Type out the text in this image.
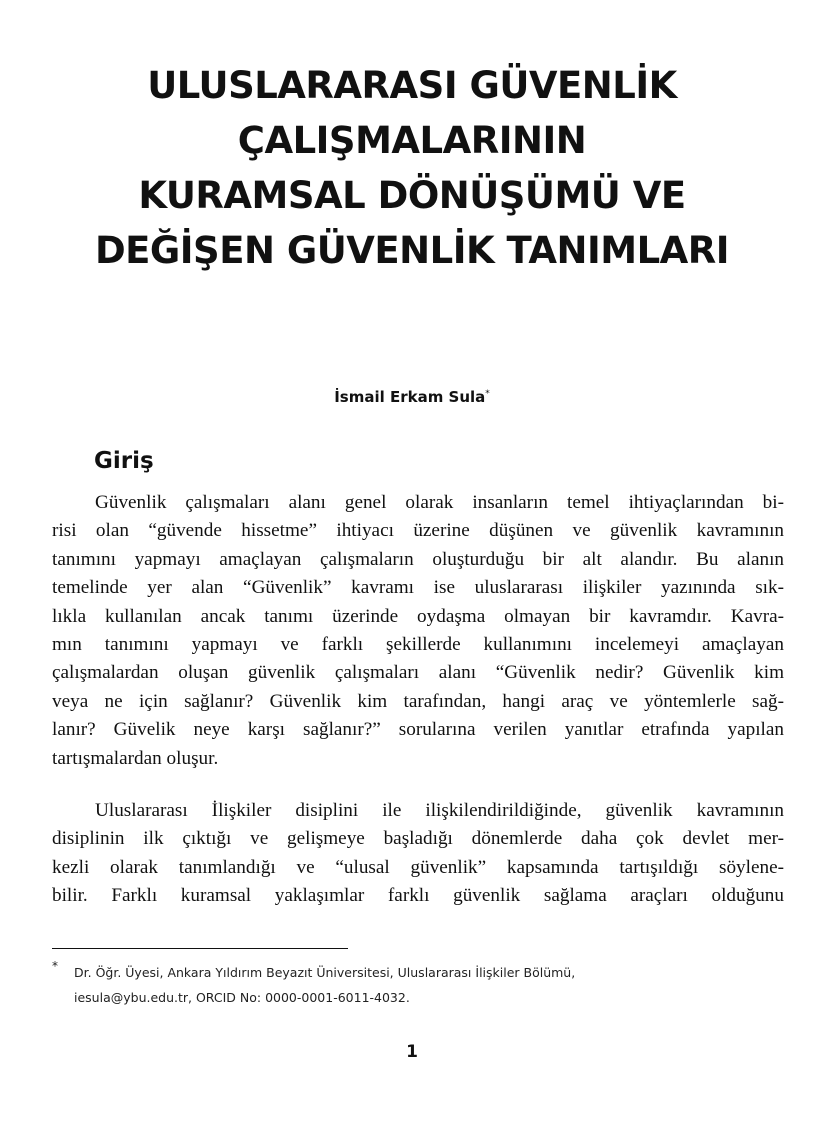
ULUSLARARASI GÜVENLİK
ÇALIŞMALARININ
KURAMSAL DÖNÜŞÜMÜ VE
DEĞİŞEN GÜVENLİK TANIMLARI
İsmail Erkam Sula*
Giriş
Güvenlik çalışmaları alanı genel olarak insanların temel ihtiyaçlarından bi-
risi olan “güvende hissetme” ihtiyacı üzerine düşünen ve güvenlik kavramının
tanımını yapmayı amaçlayan çalışmaların oluşturduğu bir alt alandır. Bu alanın
temelinde yer alan “Güvenlik” kavramı ise uluslararası ilişkiler yazınında sık-
lıkla kullanılan ancak tanımı üzerinde oydaşma olmayan bir kavramdır. Kavra-
mın tanımını yapmayı ve farklı şekillerde kullanımını incelemeyi amaçlayan
çalışmalardan oluşan güvenlik çalışmaları alanı “Güvenlik nedir? Güvenlik kim
veya ne için sağlanır? Güvenlik kim tarafından, hangi araç ve yöntemlerle sağ-
lanır? Güvelik neye karşı sağlanır?” sorularına verilen yanıtlar etrafında yapılan
tartışmalardan oluşur.
Uluslararası İlişkiler disiplini ile ilişkilendirildiğinde, güvenlik kavramının
disiplinin ilk çıktığı ve gelişmeye başladığı dönemlerde daha çok devlet mer-
kezli olarak tanımlandığı ve “ulusal güvenlik” kapsamında tartışıldığı söylene-
bilir. Farklı kuramsal yaklaşımlar farklı güvenlik sağlama araçları olduğunu
*	Dr. Öğr. Üyesi, Ankara Yıldırım Beyazıt Üniversitesi, Uluslararası İlişkiler Bölümü,
iesula@ybu.edu.tr, ORCID No: 0000-0001-6011-4032.
1
